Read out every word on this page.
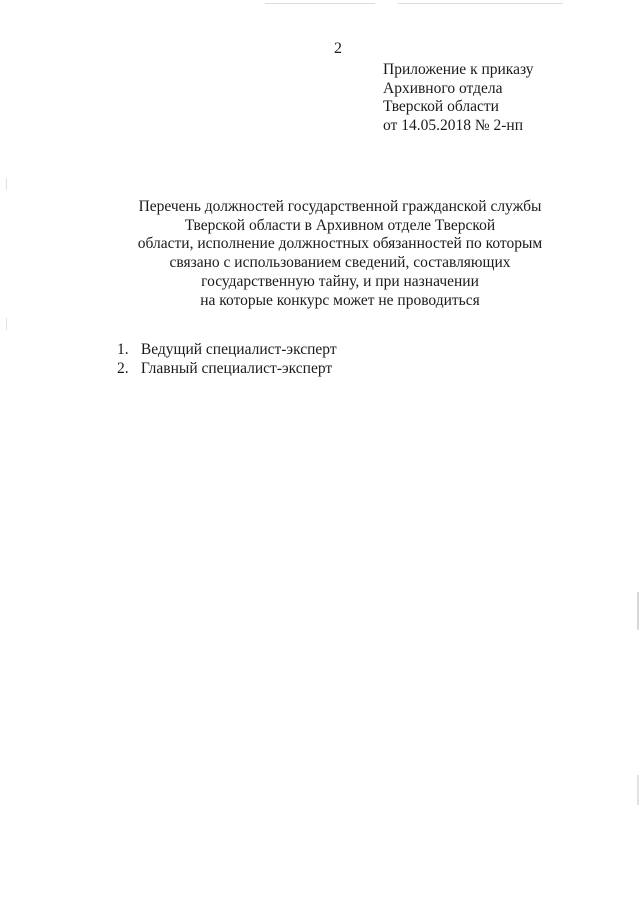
2
Приложение к приказу
Архивного отдела
Тверской области
от 14.05.2018 № 2-нп
Перечень должностей государственной гражданской службы
Тверской области в Архивном отделе Тверской
области, исполнение должностных обязанностей по которым
связано с использованием сведений, составляющих
государственную тайну, и при назначении
на которые конкурс может не проводиться
1. Ведущий специалист-эксперт
2. Главный специалист-эксперт
